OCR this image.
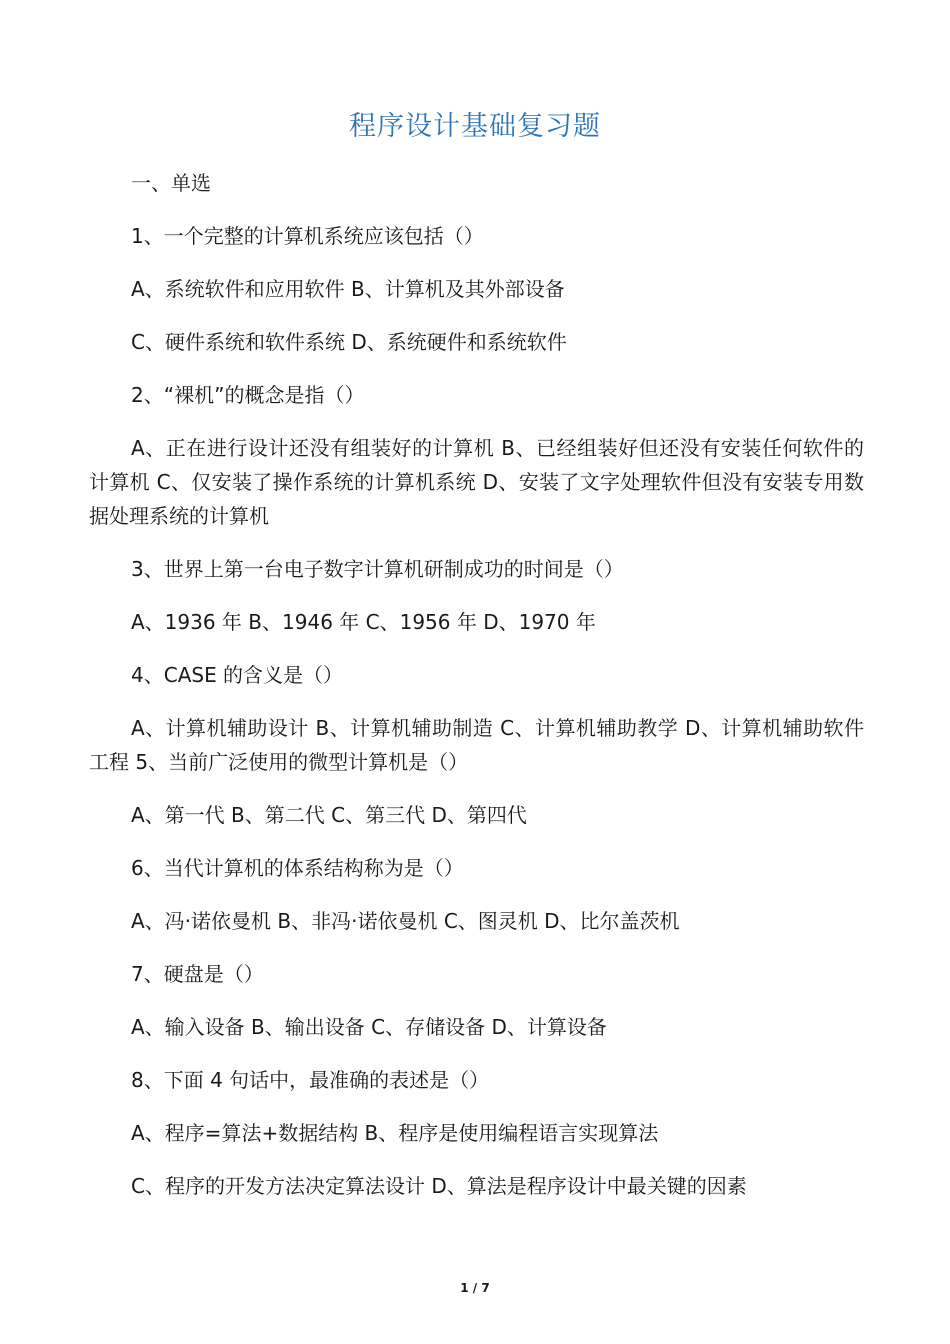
程序设计基础复习题

一、单选

1、一个完整的计算机系统应该包括（）

A、系统软件和应用软件 B、计算机及其外部设备

C、硬件系统和软件系统 D、系统硬件和系统软件

2、“裸机”的概念是指（）

A、正在进行设计还没有组装好的计算机 B、已经组装好但还没有安装任何软件的计算机 C、仅安装了操作系统的计算机系统 D、安装了文字处理软件但没有安装专用数据处理系统的计算机

3、世界上第一台电子数字计算机研制成功的时间是（）

A、1936 年 B、1946 年 C、1956 年 D、1970 年

4、CASE 的含义是（）

A、计算机辅助设计 B、计算机辅助制造 C、计算机辅助教学 D、计算机辅助软件工程 5、当前广泛使用的微型计算机是（）

A、第一代 B、第二代 C、第三代 D、第四代

6、当代计算机的体系结构称为是（）

A、冯·诺依曼机 B、非冯·诺依曼机 C、图灵机 D、比尔盖茨机

7、硬盘是（）

A、输入设备 B、输出设备 C、存储设备 D、计算设备

8、下面 4 句话中，最准确的表述是（）

A、程序=算法+数据结构 B、程序是使用编程语言实现算法

C、程序的开发方法决定算法设计 D、算法是程序设计中最关键的因素

1 / 7
